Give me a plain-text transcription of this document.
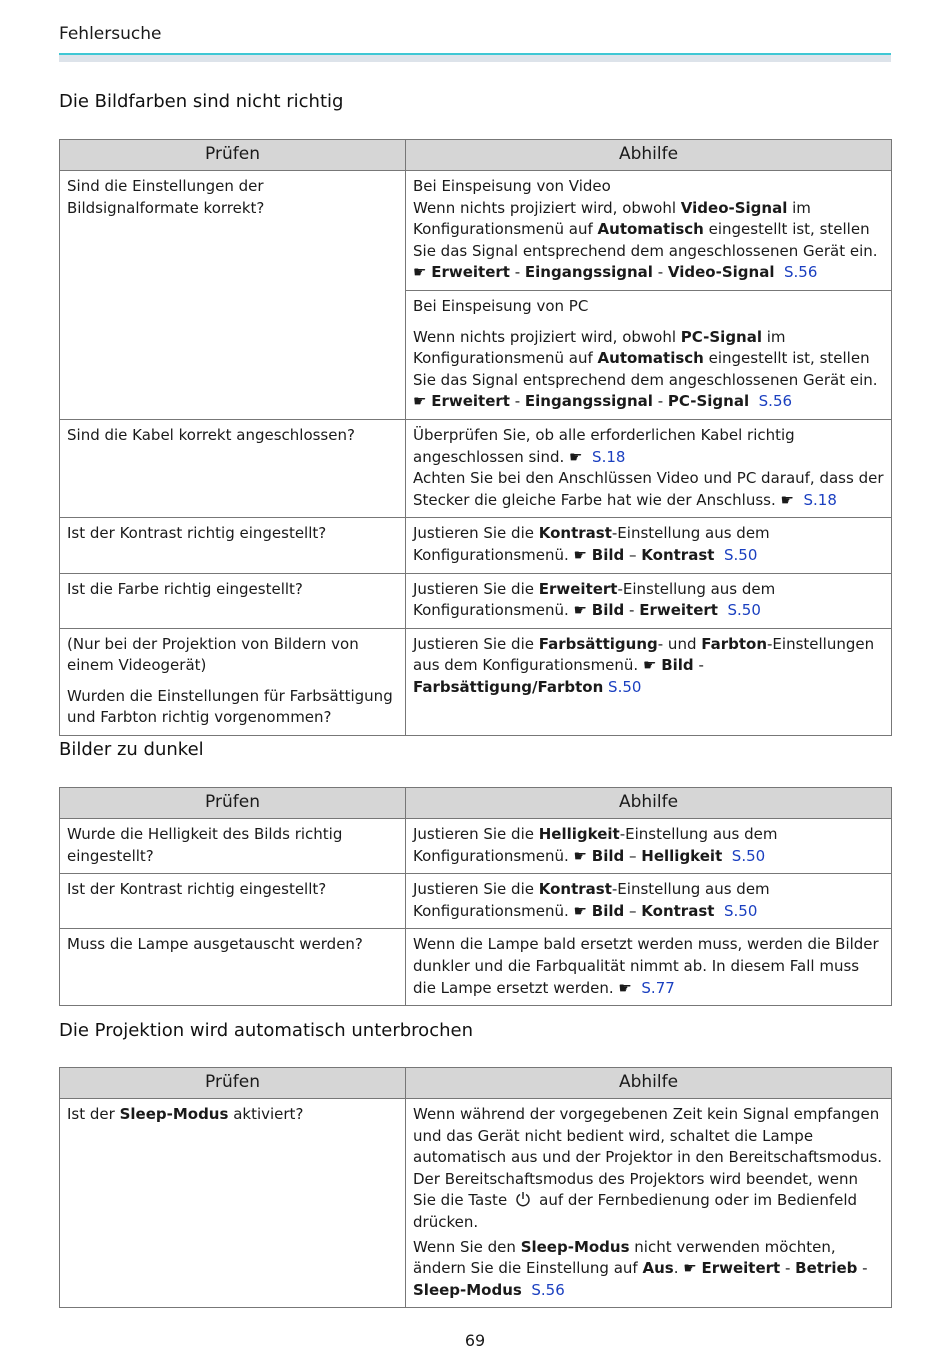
Fehlersuche
Die Bildfarben sind nicht richtig
Prüfen	Abhilfe
Sind die Einstellungen der Bildsignalformate korrekt?	Bei Einspeisung von Video
Wenn nichts projiziert wird, obwohl Video-Signal im Konfigurationsmenü auf Automatisch eingestellt ist, stellen Sie das Signal entsprechend dem angeschlossenen Gerät ein. ☛ Erweitert - Eingangssignal - Video-Signal S.56

	Bei Einspeisung von PC
Wenn nichts projiziert wird, obwohl PC-Signal im Konfigurationsmenü auf Automatisch eingestellt ist, stellen Sie das Signal entsprechend dem angeschlossenen Gerät ein. ☛ Erweitert - Eingangssignal - PC-Signal S.56

Sind die Kabel korrekt angeschlossen?	Überprüfen Sie, ob alle erforderlichen Kabel richtig angeschlossen sind. ☛ S.18
Achten Sie bei den Anschlüssen Video und PC darauf, dass der Stecker die gleiche Farbe hat wie der Anschluss. ☛ S.18
Ist der Kontrast richtig eingestellt?	Justieren Sie die Kontrast-Einstellung aus dem Konfigurationsmenü. ☛ Bild – Kontrast S.50
Ist die Farbe richtig eingestellt?	Justieren Sie die Erweitert-Einstellung aus dem Konfigurationsmenü. ☛ Bild - Erweitert S.50

(Nur bei der Projektion von Bildern von einem Videogerät)
Wurden die Einstellungen für Farbsättigung und Farbton richtig vorgenommen?	Justieren Sie die Farbsättigung- und Farbton-Einstellungen aus dem Konfigurationsmenü. ☛ Bild - Farbsättigung/Farbton S.50
Bilder zu dunkel
Prüfen	Abhilfe
Wurde die Helligkeit des Bilds richtig eingestellt?	Justieren Sie die Helligkeit-Einstellung aus dem Konfigurationsmenü. ☛ Bild – Helligkeit S.50
Ist der Kontrast richtig eingestellt?	Justieren Sie die Kontrast-Einstellung aus dem Konfigurationsmenü. ☛ Bild – Kontrast S.50
Muss die Lampe ausgetauscht werden?	Wenn die Lampe bald ersetzt werden muss, werden die Bilder dunkler und die Farbqualität nimmt ab. In diesem Fall muss die Lampe ersetzt werden. ☛ S.77
Die Projektion wird automatisch unterbrochen
Prüfen	Abhilfe
Ist der Sleep-Modus aktiviert?	Wenn während der vorgegebenen Zeit kein Signal empfangen und das Gerät nicht bedient wird, schaltet die Lampe automatisch aus und der Projektor in den Bereitschaftsmodus. Der Bereitschaftsmodus des Projektors wird beendet, wenn Sie die Taste auf der Fernbedienung oder im Bedienfeld drücken.
Wenn Sie den Sleep-Modus nicht verwenden möchten, ändern Sie die Einstellung auf Aus. ☛ Erweitert - Betrieb - Sleep-Modus S.56
69
